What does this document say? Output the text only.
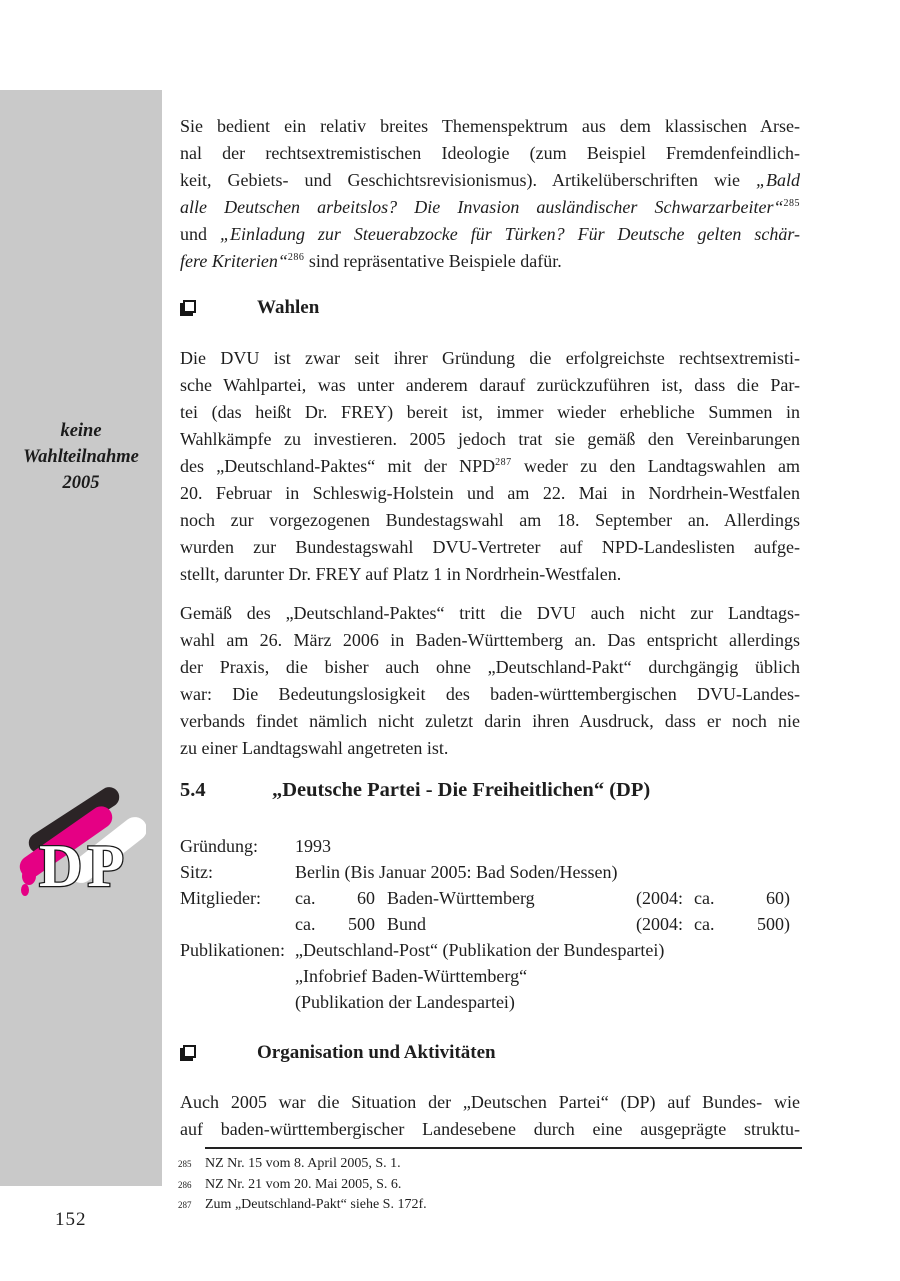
keine
Wahlteilnahme
2005
DP
Sie bedient ein relativ breites Themenspektrum aus dem klassischen Arse-
nal der rechtsextremistischen Ideologie (zum Beispiel Fremdenfeindlich-
keit, Gebiets- und Geschichtsrevisionismus). Artikelüberschriften wie „Bald
alle Deutschen arbeitslos? Die Invasion ausländischer Schwarzarbeiter“$^{285}$
und „Einladung zur Steuerabzocke für Türken? Für Deutsche gelten schär-
fere Kriterien“$^{286}$ sind repräsentative Beispiele dafür.
Wahlen
Die DVU ist zwar seit ihrer Gründung die erfolgreichste rechtsextremisti-
sche Wahlpartei, was unter anderem darauf zurückzuführen ist, dass die Par-
tei (das heißt Dr. FREY) bereit ist, immer wieder erhebliche Summen in
Wahlkämpfe zu investieren. 2005 jedoch trat sie gemäß den Vereinbarungen
des „Deutschland-Paktes“ mit der NPD$^{287}$ weder zu den Landtagswahlen am
20. Februar in Schleswig-Holstein und am 22. Mai in Nordrhein-Westfalen
noch zur vorgezogenen Bundestagswahl am 18. September an. Allerdings
wurden zur Bundestagswahl DVU-Vertreter auf NPD-Landeslisten aufge-
stellt, darunter Dr. FREY auf Platz 1 in Nordrhein-Westfalen.
Gemäß des „Deutschland-Paktes“ tritt die DVU auch nicht zur Landtags-
wahl am 26. März 2006 in Baden-Württemberg an. Das entspricht allerdings
der Praxis, die bisher auch ohne „Deutschland-Pakt“ durchgängig üblich
war: Die Bedeutungslosigkeit des baden-württembergischen DVU-Landes-
verbands findet nämlich nicht zuletzt darin ihren Ausdruck, dass er noch nie
zu einer Landtagswahl angetreten ist.
5.4	„Deutsche Partei - Die Freiheitlichen“ (DP)
Gründung:	1993
Sitz:	Berlin (Bis Januar 2005: Bad Soden/Hessen)
Mitglieder:	ca.	60 Baden-Württemberg	(2004: ca.	60)
ca.	500 Bund	(2004: ca.	500)
Publikationen: „Deutschland-Post“ (Publikation der Bundespartei)
„Infobrief Baden-Württemberg“
(Publikation der Landespartei)
Organisation und Aktivitäten
Auch 2005 war die Situation der „Deutschen Partei“ (DP) auf Bundes- wie
auf baden-württembergischer Landesebene durch eine ausgeprägte struktu-
285 NZ Nr. 15 vom 8. April 2005, S. 1.
286 NZ Nr. 21 vom 20. Mai 2005, S. 6.
287 Zum „Deutschland-Pakt“ siehe S. 172f.
152
